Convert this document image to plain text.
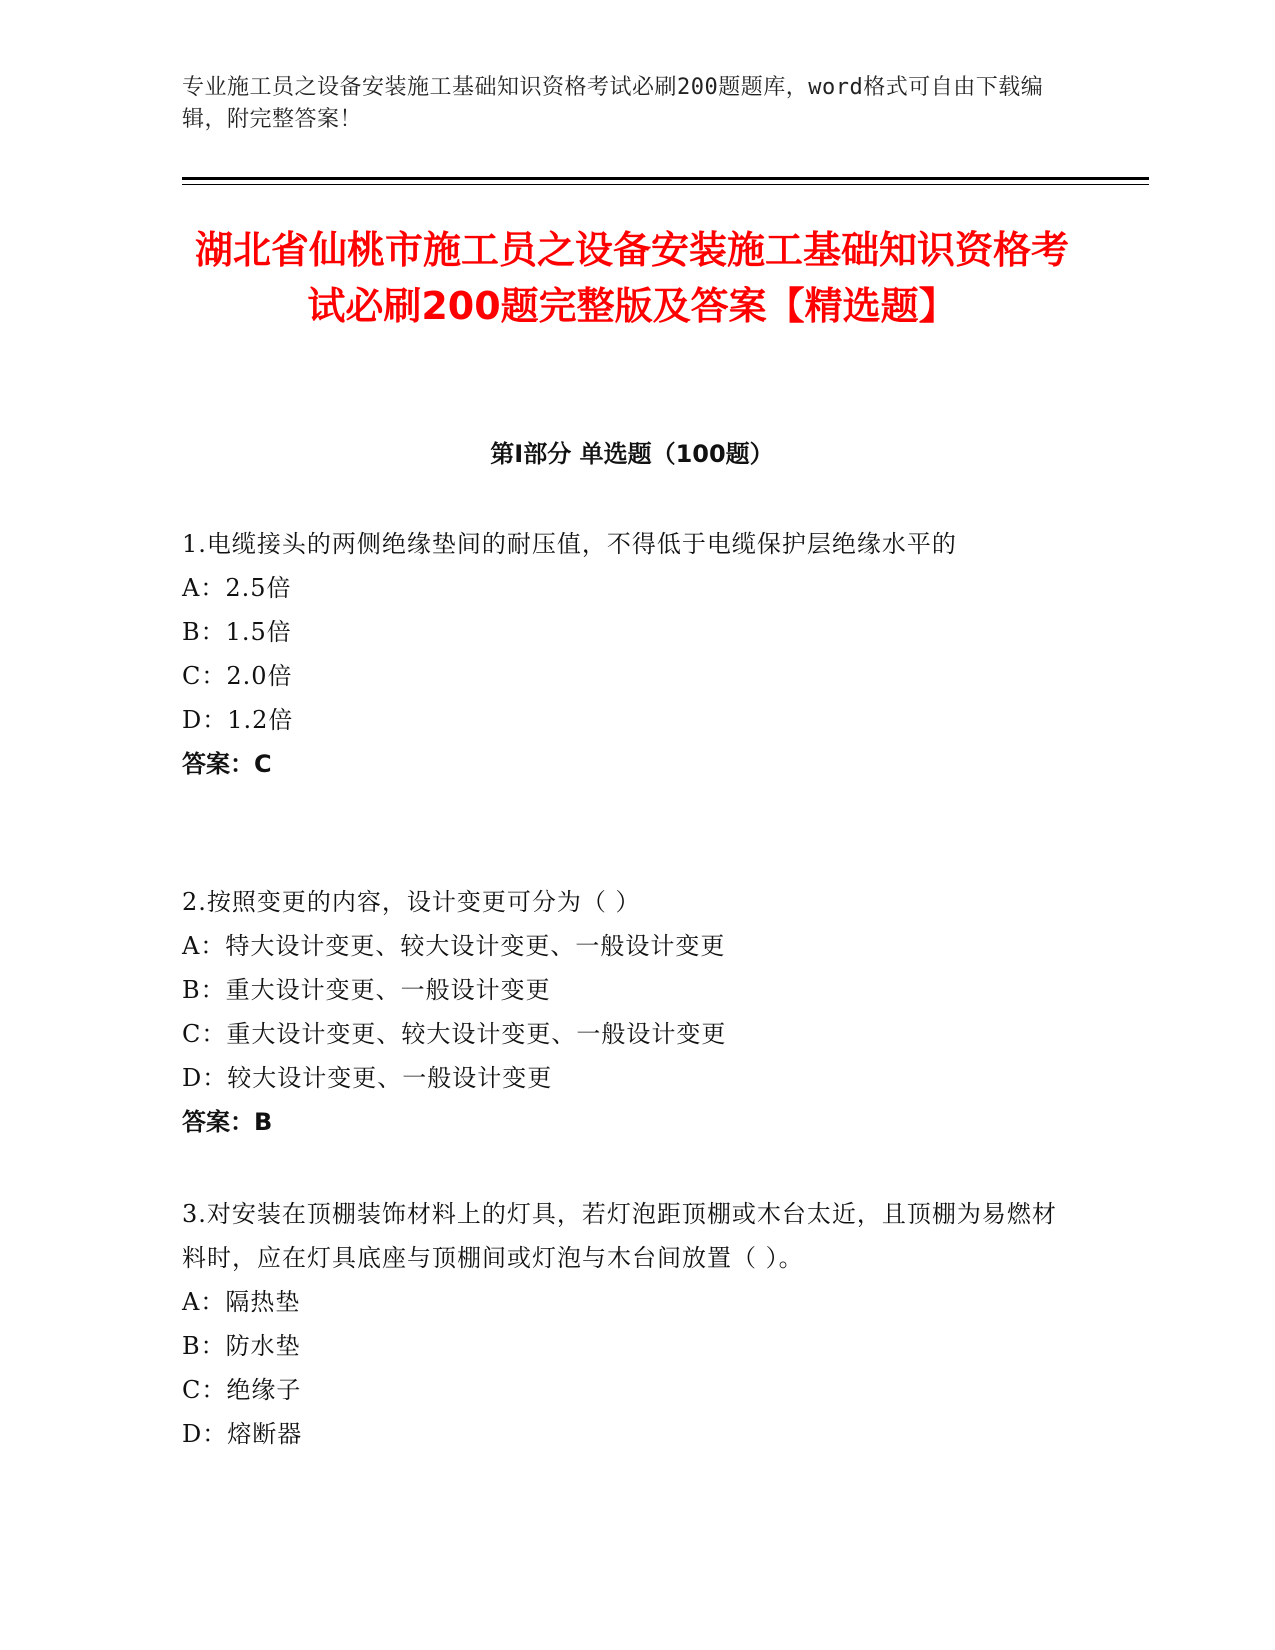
专业施工员之设备安装施工基础知识资格考试必刷200题题库，word格式可自由下载编辑，附完整答案！
湖北省仙桃市施工员之设备安装施工基础知识资格考试必刷200题完整版及答案【精选题】
第Ⅰ部分 单选题（100题）
1.电缆接头的两侧绝缘垫间的耐压值，不得低于电缆保护层绝缘水平的
A：2.5倍
B：1.5倍
C：2.0倍
D：1.2倍
答案：C
2.按照变更的内容，设计变更可分为（ ）
A：特大设计变更、较大设计变更、一般设计变更
B：重大设计变更、一般设计变更
C：重大设计变更、较大设计变更、一般设计变更
D：较大设计变更、一般设计变更
答案：B
3.对安装在顶棚装饰材料上的灯具，若灯泡距顶棚或木台太近，且顶棚为易燃材料时，应在灯具底座与顶棚间或灯泡与木台间放置（ ）。
A：隔热垫
B：防水垫
C：绝缘子
D：熔断器
